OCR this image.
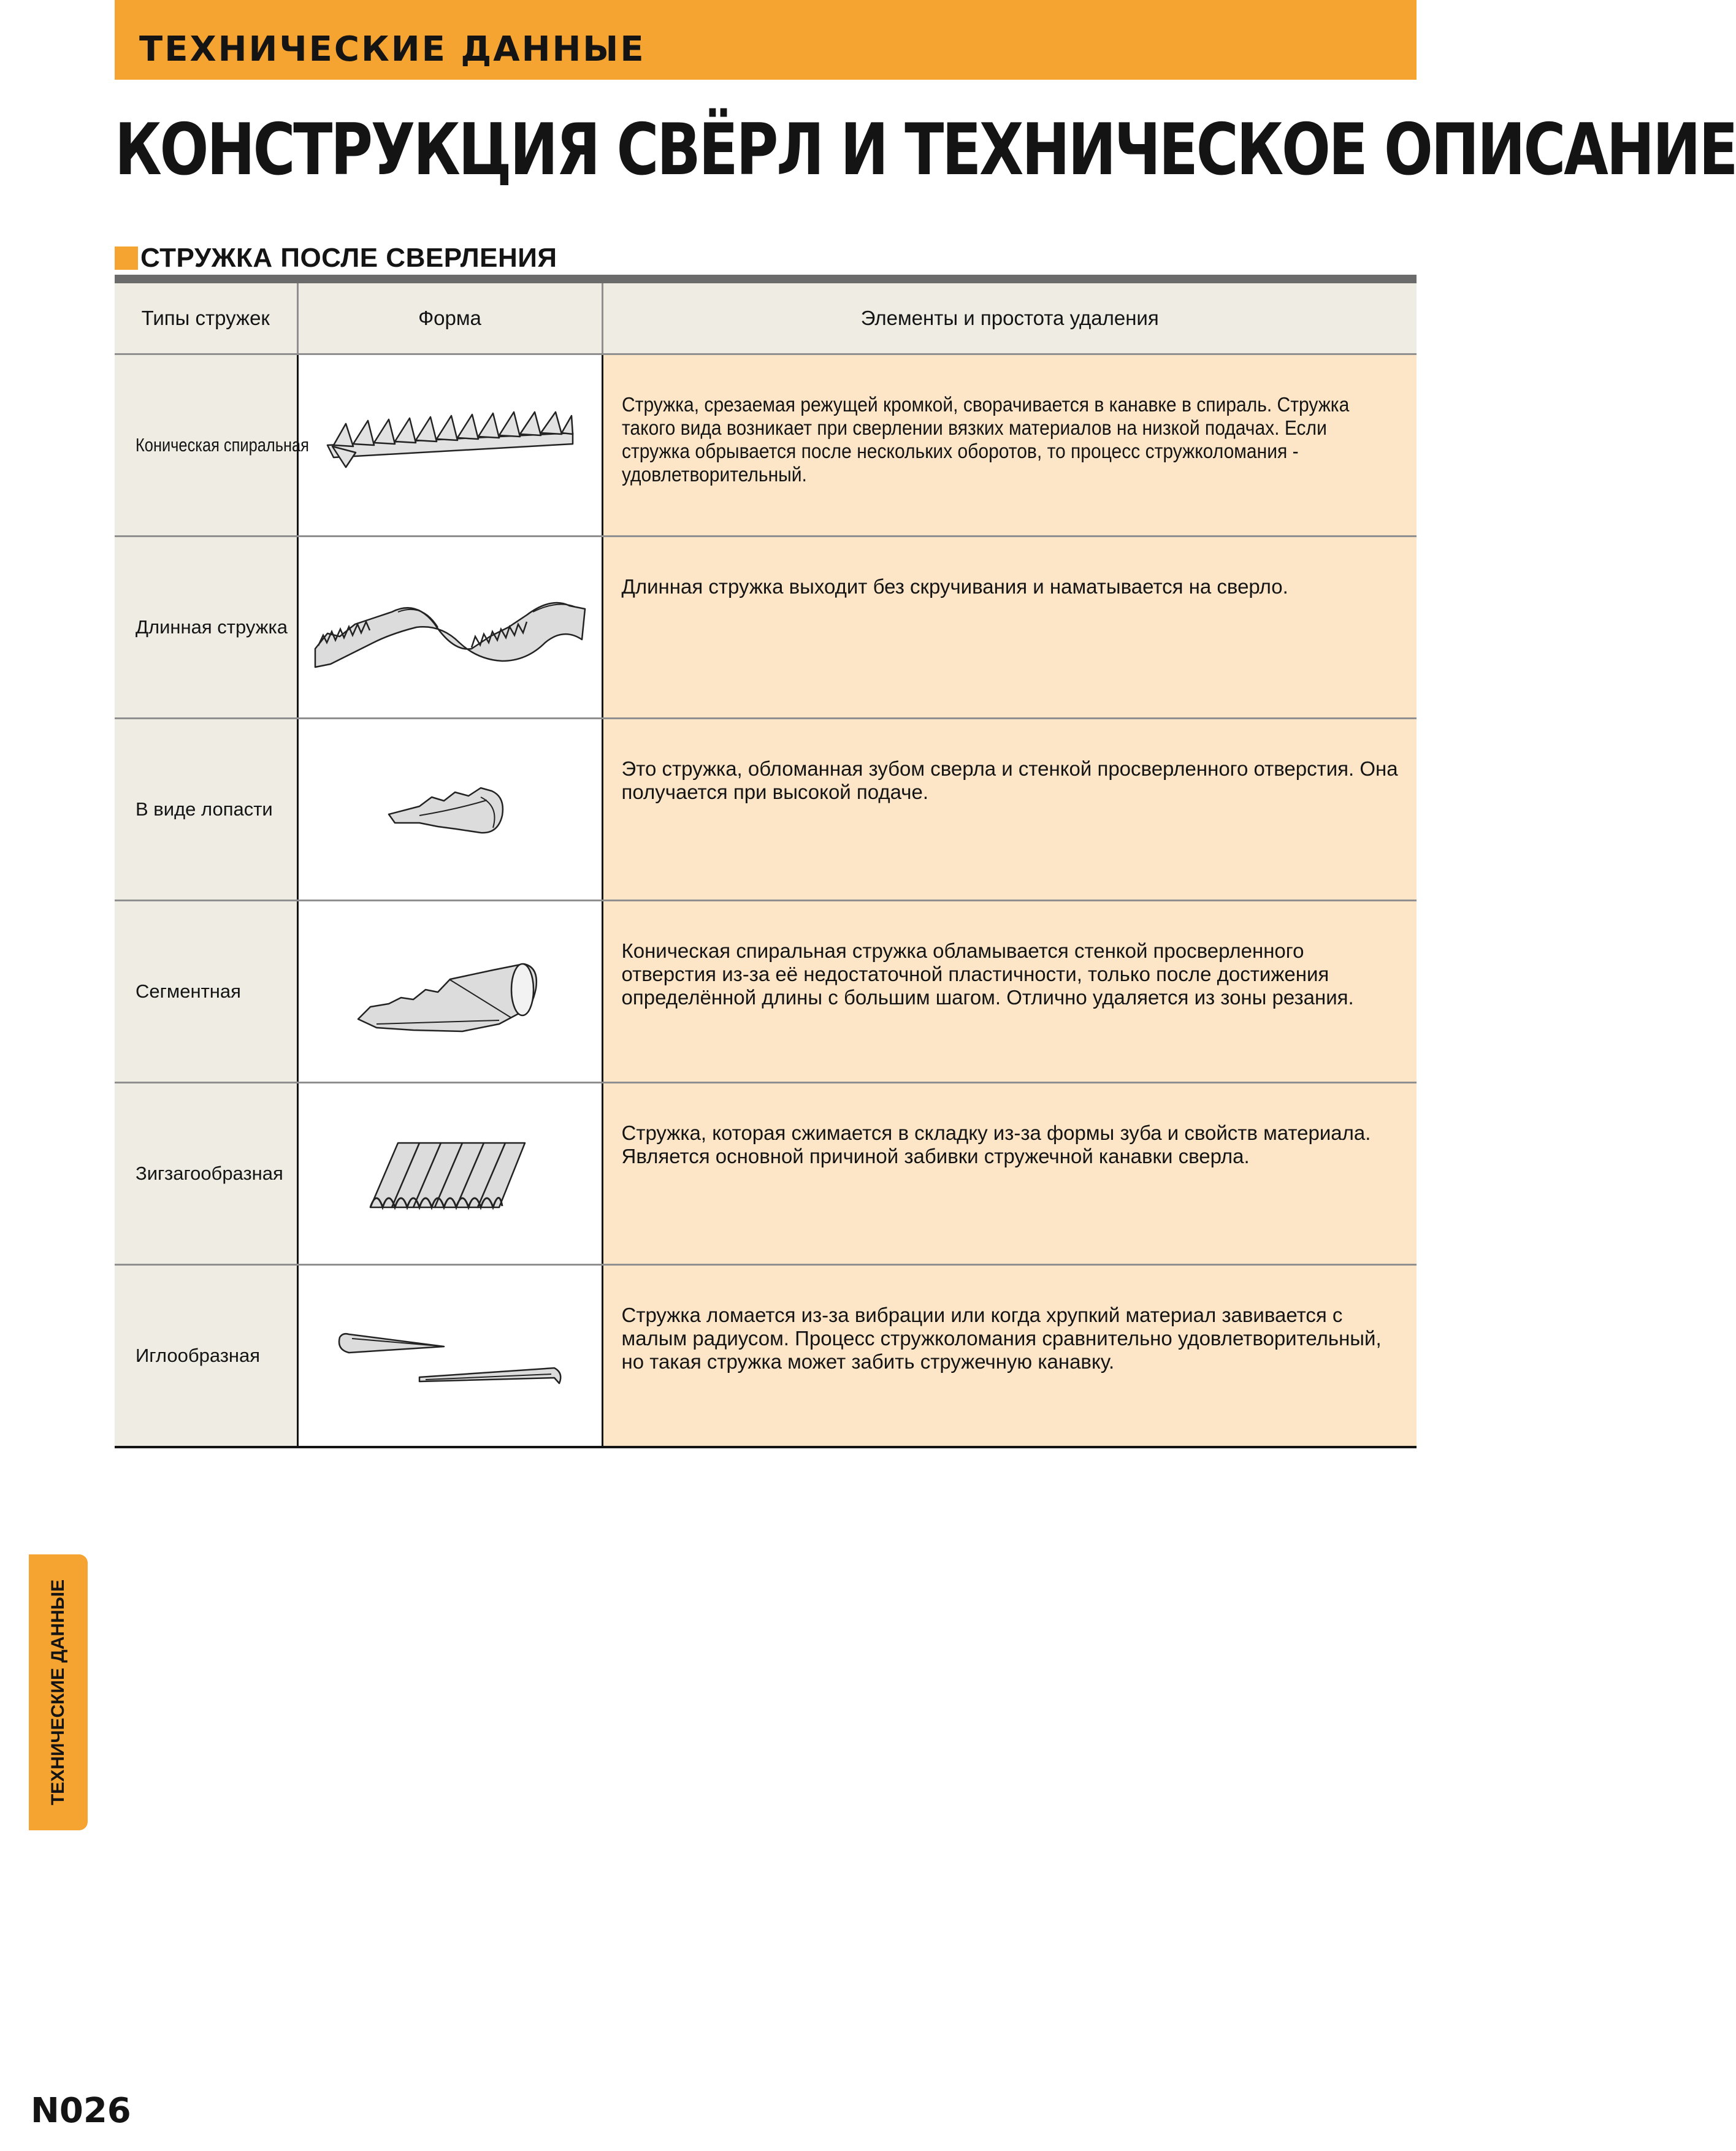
ТЕХНИЧЕСКИЕ ДАННЫЕ
КОНСТРУКЦИЯ СВЁРЛ И ТЕХНИЧЕСКОЕ ОПИСАНИЕ
СТРУЖКА ПОСЛЕ СВЕРЛЕНИЯ
Типы стружек	Форма	Элементы и простота удаления
Коническая спиральная		Стружка, срезаемая режущей кромкой, сворачивается в канавке в спираль. Стружка такого вида возникает при сверлении вязких материалов на низкой подачах. Если стружка обрывается после нескольких оборотов, то процесс стружколомания - удовлетворительный.
Длинная стружка		Длинная стружка выходит без скручивания и наматывается на сверло.
В виде лопасти		Это стружка, обломанная зубом сверла и стенкой просверленного отверстия. Она получается при высокой подаче.
Сегментная		Коническая спиральная стружка обламывается стенкой просверленного отверстия из-за её недостаточной пластичности, только после достижения определённой длины с большим шагом. Отлично удаляется из зоны резания.
Зигзагообразная		Стружка, которая сжимается в складку из-за формы зуба и свойств материала. Является основной причиной забивки стружечной канавки сверла.
Иглообразная		Стружка ломается из-за вибрации или когда хрупкий материал завивается с малым радиусом. Процесс стружколомания сравнительно удовлетворительный, но такая стружка может забить стружечную канавку.
ТЕХНИЧЕСКИЕ ДАННЫЕ
N026
